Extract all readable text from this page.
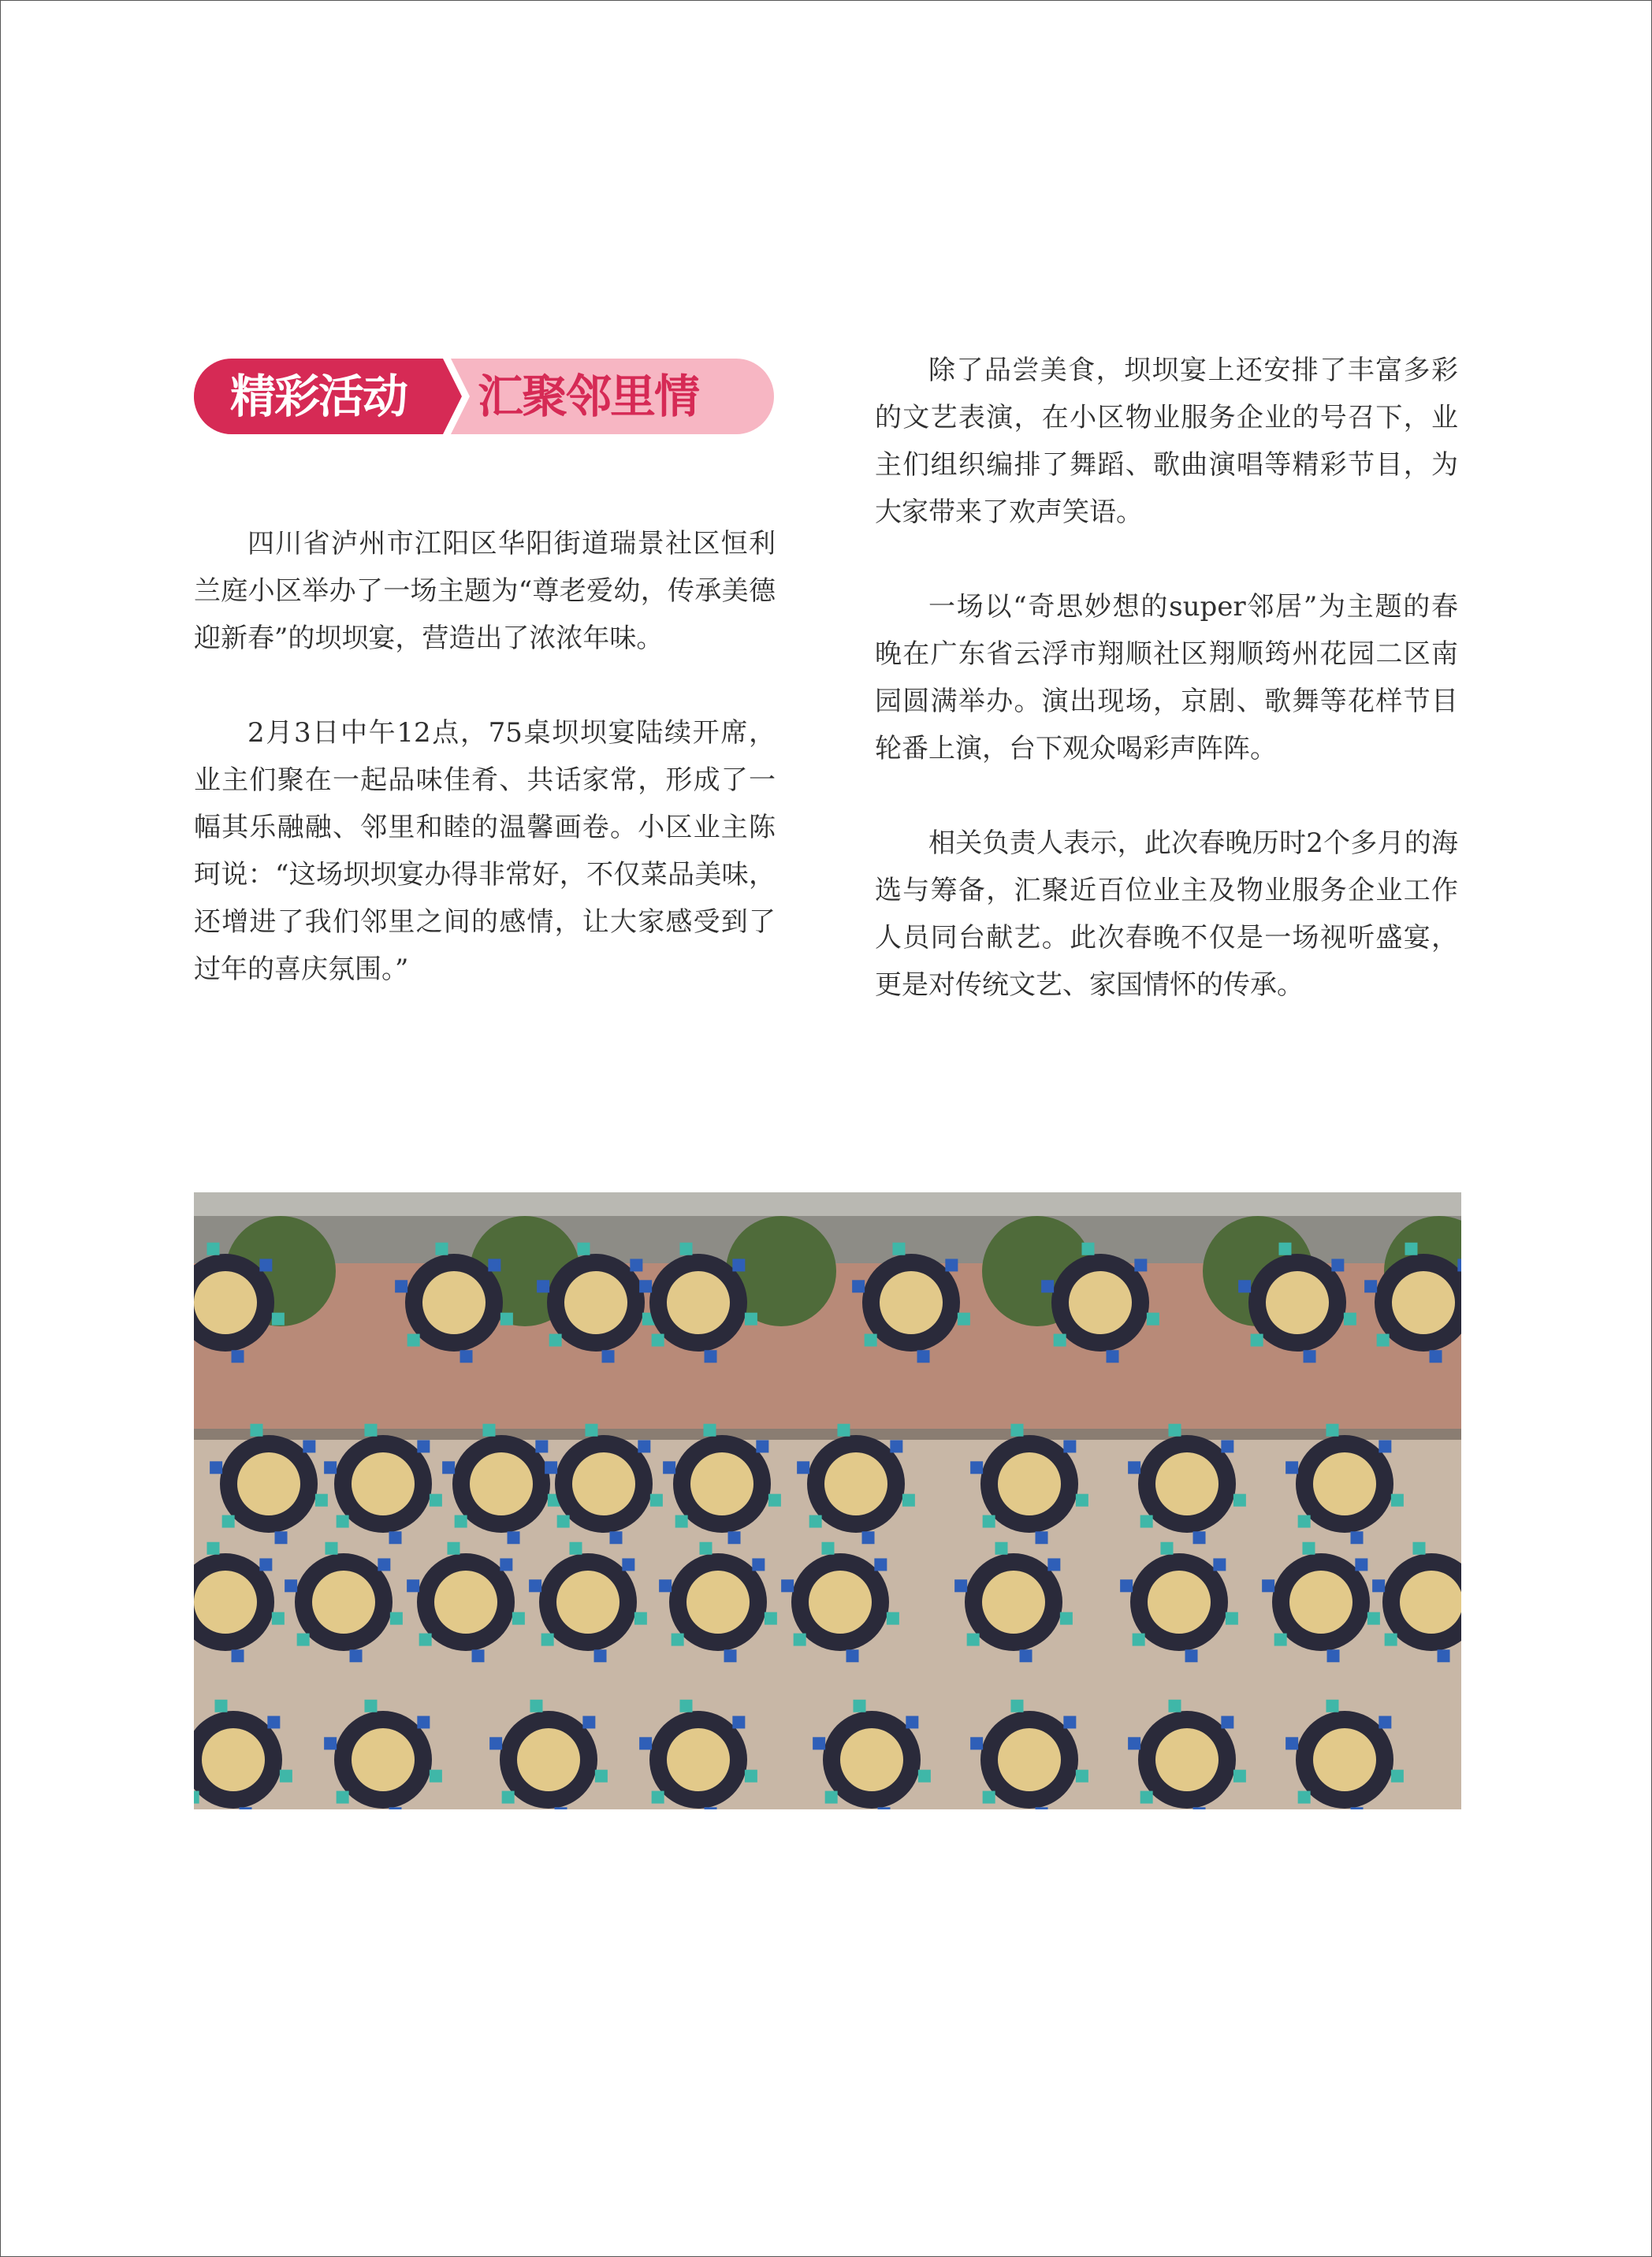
精彩活动 汇聚邻里情

四川省泸州市江阳区华阳街道瑞景社区恒利兰庭小区举办了一场主题为“尊老爱幼，传承美德迎新春”的坝坝宴，营造出了浓浓年味。

2月3日中午12点，75桌坝坝宴陆续开席，业主们聚在一起品味佳肴、共话家常，形成了一幅其乐融融、邻里和睦的温馨画卷。小区业主陈珂说：“这场坝坝宴办得非常好，不仅菜品美味，还增进了我们邻里之间的感情，让大家感受到了过年的喜庆氛围。”

除了品尝美食，坝坝宴上还安排了丰富多彩的文艺表演，在小区物业服务企业的号召下，业主们组织编排了舞蹈、歌曲演唱等精彩节目，为大家带来了欢声笑语。

一场以“奇思妙想的super邻居”为主题的春晚在广东省云浮市翔顺社区翔顺筠州花园二区南园圆满举办。演出现场，京剧、歌舞等花样节目轮番上演，台下观众喝彩声阵阵。

相关负责人表示，此次春晚历时2个多月的海选与筹备，汇聚近百位业主及物业服务企业工作人员同台献艺。此次春晚不仅是一场视听盛宴，更是对传统文艺、家国情怀的传承。
